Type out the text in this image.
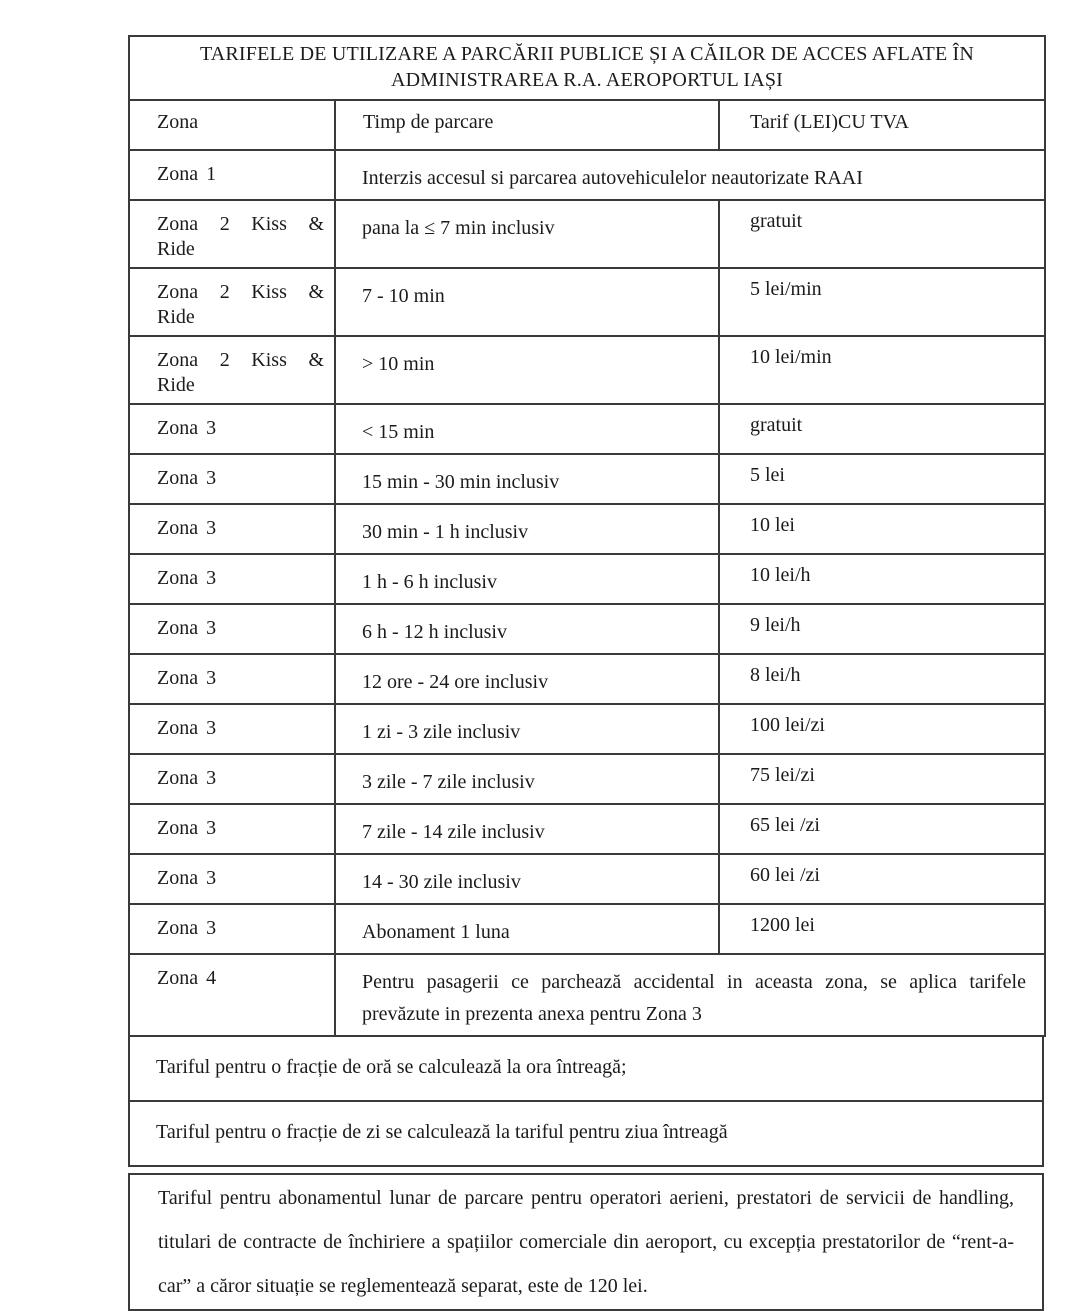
TARIFELE DE UTILIZARE A PARCĂRII PUBLICE ȘI A CĂILOR DE ACCES AFLATE ÎN ADMINISTRAREA R.A. AEROPORTUL IAȘI		
Zona	Timp de parcare	Tarif (LEI)CU TVA
Zona 1	Interzis accesul si parcarea autovehiculelor neautorizate RAAI	
Zona 2 Kiss & Ride	pana la ≤ 7 min inclusiv	gratuit
Zona 2 Kiss & Ride	7 - 10 min	5 lei/min
Zona 2 Kiss & Ride	> 10 min	10 lei/min
Zona 3	< 15 min	gratuit
Zona 3	15 min - 30 min inclusiv	5 lei
Zona 3	30 min - 1 h inclusiv	10 lei
Zona 3	1 h - 6 h inclusiv	10 lei/h
Zona 3	6 h - 12 h inclusiv	9 lei/h
Zona 3	12 ore - 24 ore inclusiv	8 lei/h
Zona 3	1 zi - 3 zile inclusiv	100 lei/zi
Zona 3	3 zile - 7 zile inclusiv	75 lei/zi
Zona 3	7 zile - 14 zile inclusiv	65 lei /zi
Zona 3	14 - 30 zile inclusiv	60 lei /zi
Zona 3	Abonament 1 luna	1200 lei
Zona 4	Pentru pasagerii ce parchează accidental in aceasta zona, se aplica tarifele prevăzute in prezenta anexa pentru Zona 3	
Tariful pentru o fracție de oră se calculează la ora întreagă;
Tariful pentru o fracție de zi se calculează la tariful pentru ziua întreagă
Tariful pentru abonamentul lunar de parcare pentru operatori aerieni, prestatori de servicii de handling, titulari de contracte de închiriere a spațiilor comerciale din aeroport, cu excepția prestatorilor de “rent-a-car” a căror situație se reglementează separat, este de 120 lei.
